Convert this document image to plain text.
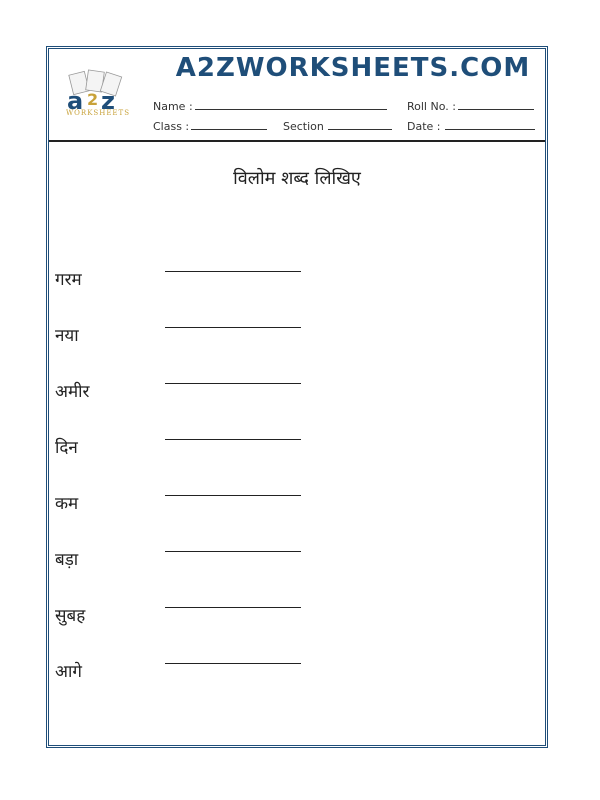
A2ZWORKSHEETS.COM
a 2 z
WORKSHEETS	Name :	Roll No. :
Class :	Section	Date :
विलोम शब्द लिखिए
गरम
नया
अमीर
दिन
कम
बड़ा
सुबह
आगे
